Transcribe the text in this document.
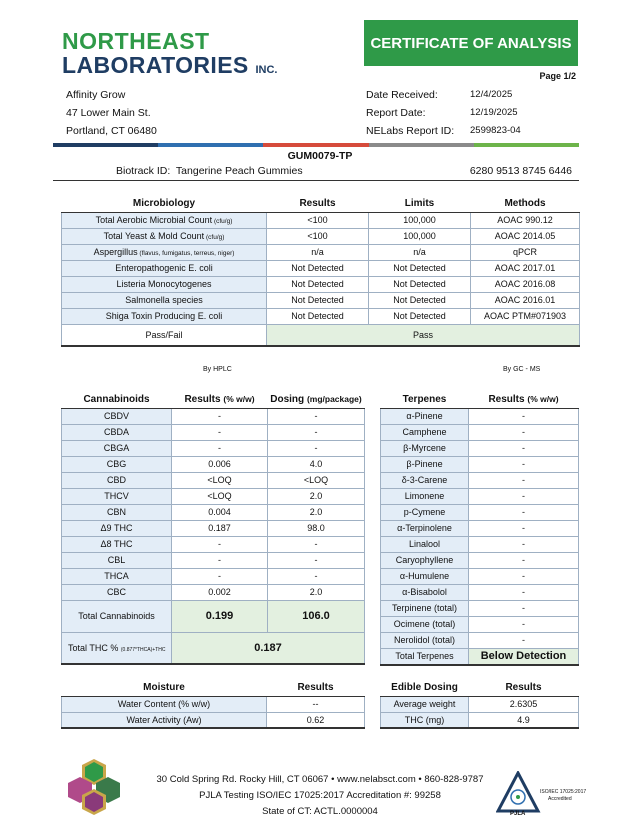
NORTHEAST
LABORATORIES INC.
CERTIFICATE OF ANALYSIS
Page 1/2
Affinity Grow
47 Lower Main St.
Portland, CT 06480
Date Received:	12/4/2025
Report Date:	12/19/2025
NELabs Report ID:	2599823-04
GUM0079-TP
Biotrack ID: Tangerine Peach Gummies	6280 9513 8745 6446
Microbiology	Results	Limits	Methods
Total Aerobic Microbial Count (cfu/g)	<100	100,000	AOAC 990.12
Total Yeast & Mold Count (cfu/g)	<100	100,000	AOAC 2014.05
Aspergillus (flavus, fumigatus, terreus, niger)	n/a	n/a	qPCR
Enteropathogenic E. coli	Not Detected	Not Detected	AOAC 2017.01
Listeria Monocytogenes	Not Detected	Not Detected	AOAC 2016.08
Salmonella species	Not Detected	Not Detected	AOAC 2016.01
Shiga Toxin Producing E. coli	Not Detected	Not Detected	AOAC PTM#071903
Pass/Fail	Pass		
By HPLC	By GC - MS
Cannabinoids	Results (% w/w)	Dosing (mg/package)
CBDV	-	-
CBDA	-	-
CBGA	-	-
CBG	0.006	4.0
CBD	<LOQ	<LOQ
THCV	<LOQ	2.0
CBN	0.004	2.0
Δ9 THC	0.187	98.0
Δ8 THC	-	-
CBL	-	-
THCA	-	-
CBC	0.002	2.0
Total Cannabinoids	0.199	106.0
Total THC % (0.877*THCA)+THC	0.187	
Terpenes	Results (% w/w)
α-Pinene	-
Camphene	-
β-Myrcene	-
β-Pinene	-
δ-3-Carene	-
Limonene	-
p-Cymene	-
α-Terpinolene	-
Linalool	-
Caryophyllene	-
α-Humulene	-
α-Bisabolol	-
Terpinene (total)	-
Ocimene (total)	-
Nerolidol (total)	-
Total Terpenes	Below Detection
Moisture	Results
Water Content (% w/w)	--
Water Activity (Aw)	0.62
Edible Dosing	Results
Average weight	2.6305
THC (mg)	4.9
30 Cold Spring Rd. Rocky Hill, CT 06067 • www.nelabsct.com • 860-828-9787
PJLA Testing ISO/IEC 17025:2017 Accreditation #: 99258
State of CT: ACTL.0000004	PJLA
ISO/IEC 17025:2017
Accredited
